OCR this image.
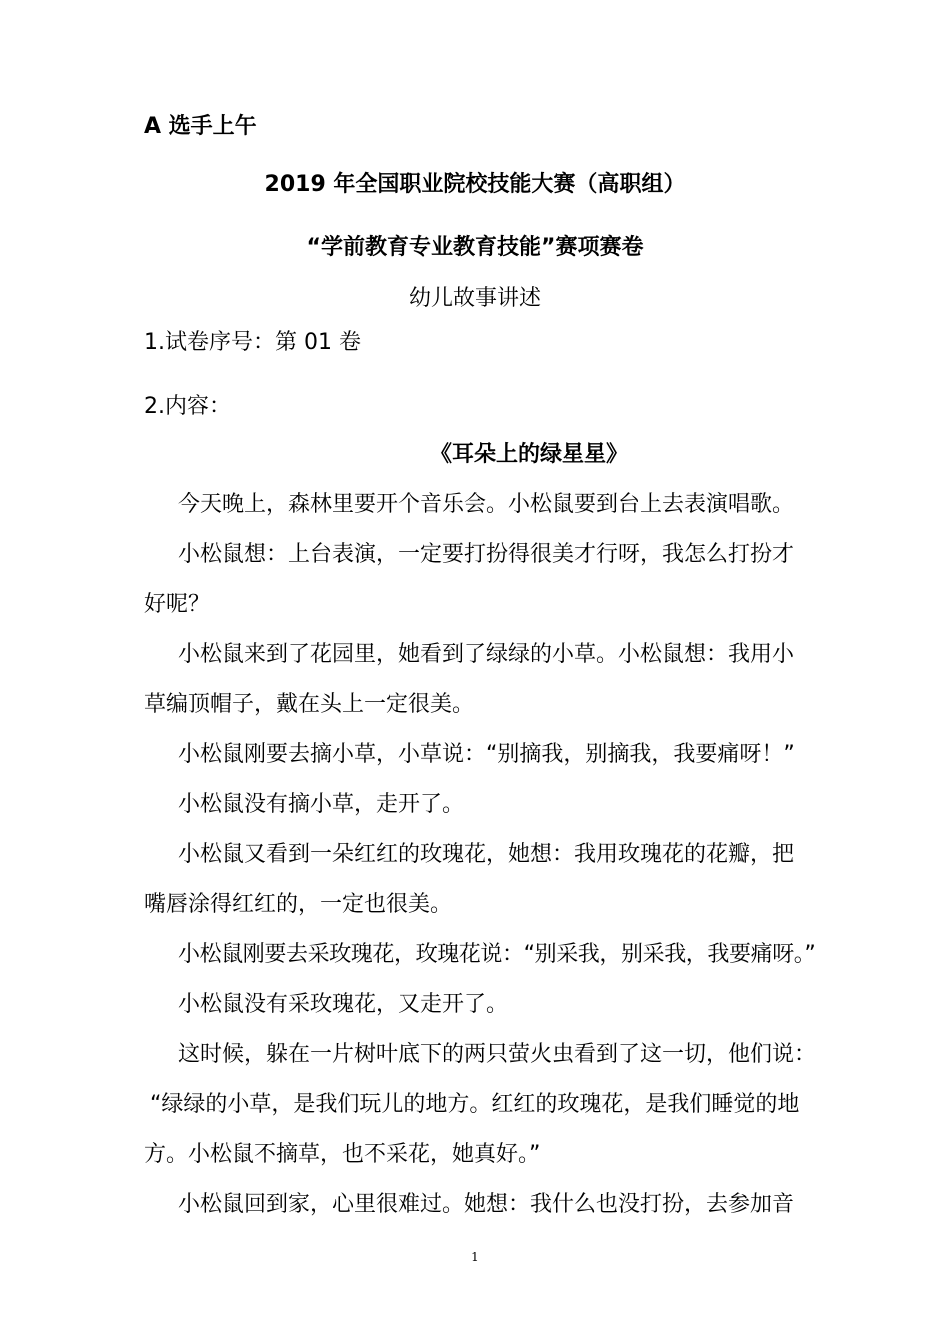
A 选手上午
2019 年全国职业院校技能大赛（高职组）
“学前教育专业教育技能”赛项赛卷
幼儿故事讲述
1.试卷序号：第 01 卷
2.内容：
《耳朵上的绿星星》
今天晚上，森林里要开个音乐会。小松鼠要到台上去表演唱歌。
小松鼠想：上台表演，一定要打扮得很美才行呀，我怎么打扮才
好呢？
小松鼠来到了花园里，她看到了绿绿的小草。小松鼠想：我用小
草编顶帽子，戴在头上一定很美。
小松鼠刚要去摘小草，小草说：“别摘我，别摘我，我要痛呀！”
小松鼠没有摘小草，走开了。
小松鼠又看到一朵红红的玫瑰花，她想：我用玫瑰花的花瓣，把
嘴唇涂得红红的，一定也很美。
小松鼠刚要去采玫瑰花，玫瑰花说：“别采我，别采我，我要痛呀。”
小松鼠没有采玫瑰花，又走开了。
这时候，躲在一片树叶底下的两只萤火虫看到了这一切，他们说：
“绿绿的小草，是我们玩儿的地方。红红的玫瑰花，是我们睡觉的地
方。小松鼠不摘草，也不采花，她真好。”
小松鼠回到家，心里很难过。她想：我什么也没打扮，去参加音
1
